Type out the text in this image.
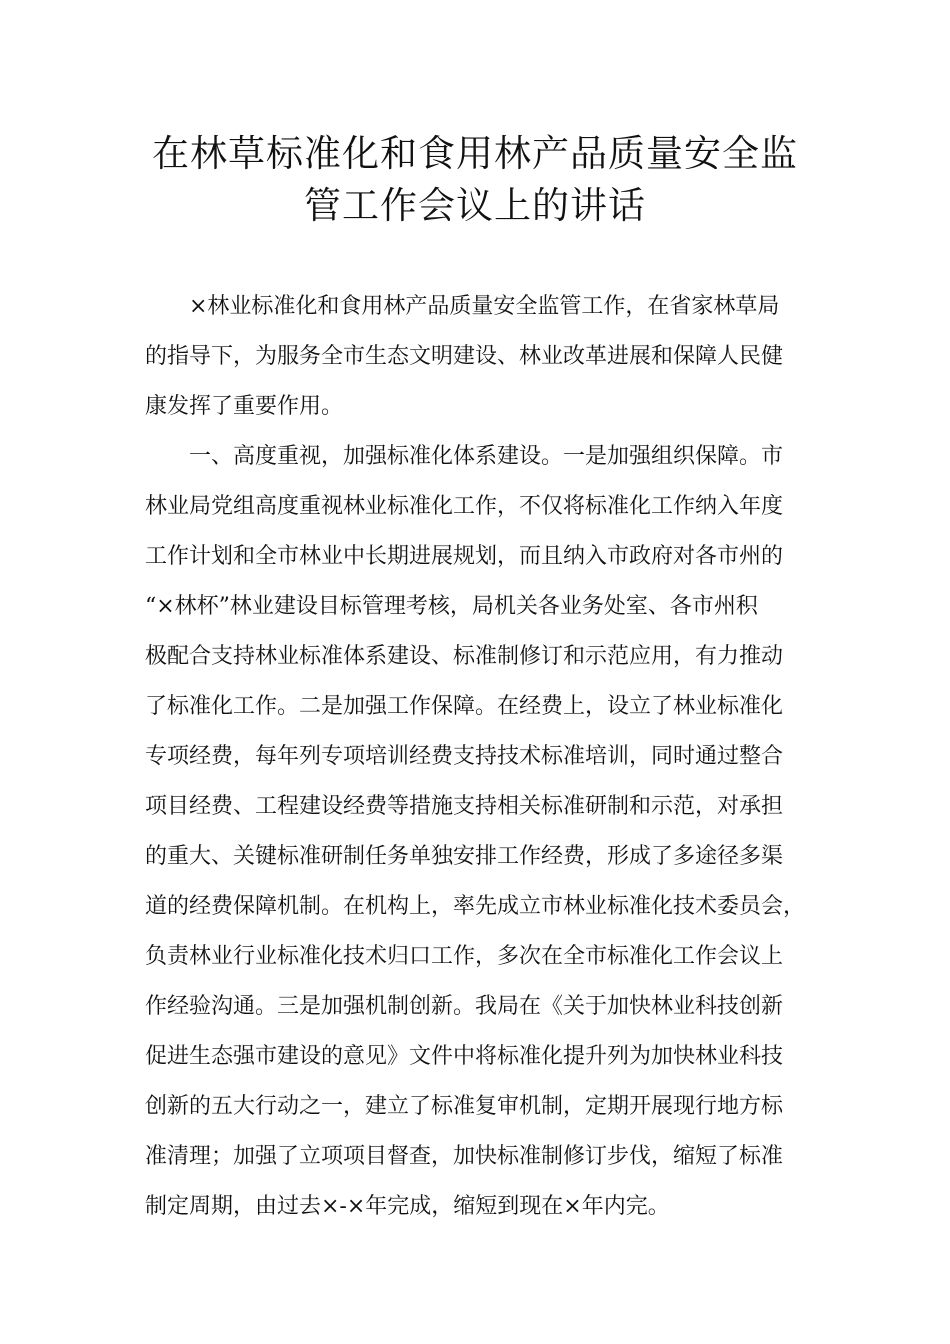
在林草标准化和食用林产品质量安全监
管工作会议上的讲话
　　×林业标准化和食用林产品质量安全监管工作，在省家林草局
的指导下，为服务全市生态文明建设、林业改革进展和保障人民健
康发挥了重要作用。
　　一、高度重视，加强标准化体系建设。一是加强组织保障。市
林业局党组高度重视林业标准化工作，不仅将标准化工作纳入年度
工作计划和全市林业中长期进展规划，而且纳入市政府对各市州的
“×林杯”林业建设目标管理考核，局机关各业务处室、各市州积
极配合支持林业标准体系建设、标准制修订和示范应用，有力推动
了标准化工作。二是加强工作保障。在经费上，设立了林业标准化
专项经费，每年列专项培训经费支持技术标准培训，同时通过整合
项目经费、工程建设经费等措施支持相关标准研制和示范，对承担
的重大、关键标准研制任务单独安排工作经费，形成了多途径多渠
道的经费保障机制。在机构上，率先成立市林业标准化技术委员会，
负责林业行业标准化技术归口工作，多次在全市标准化工作会议上
作经验沟通。三是加强机制创新。我局在《关于加快林业科技创新
促进生态强市建设的意见》文件中将标准化提升列为加快林业科技
创新的五大行动之一，建立了标准复审机制，定期开展现行地方标
准清理；加强了立项项目督查，加快标准制修订步伐，缩短了标准
制定周期，由过去×-×年完成，缩短到现在×年内完。
